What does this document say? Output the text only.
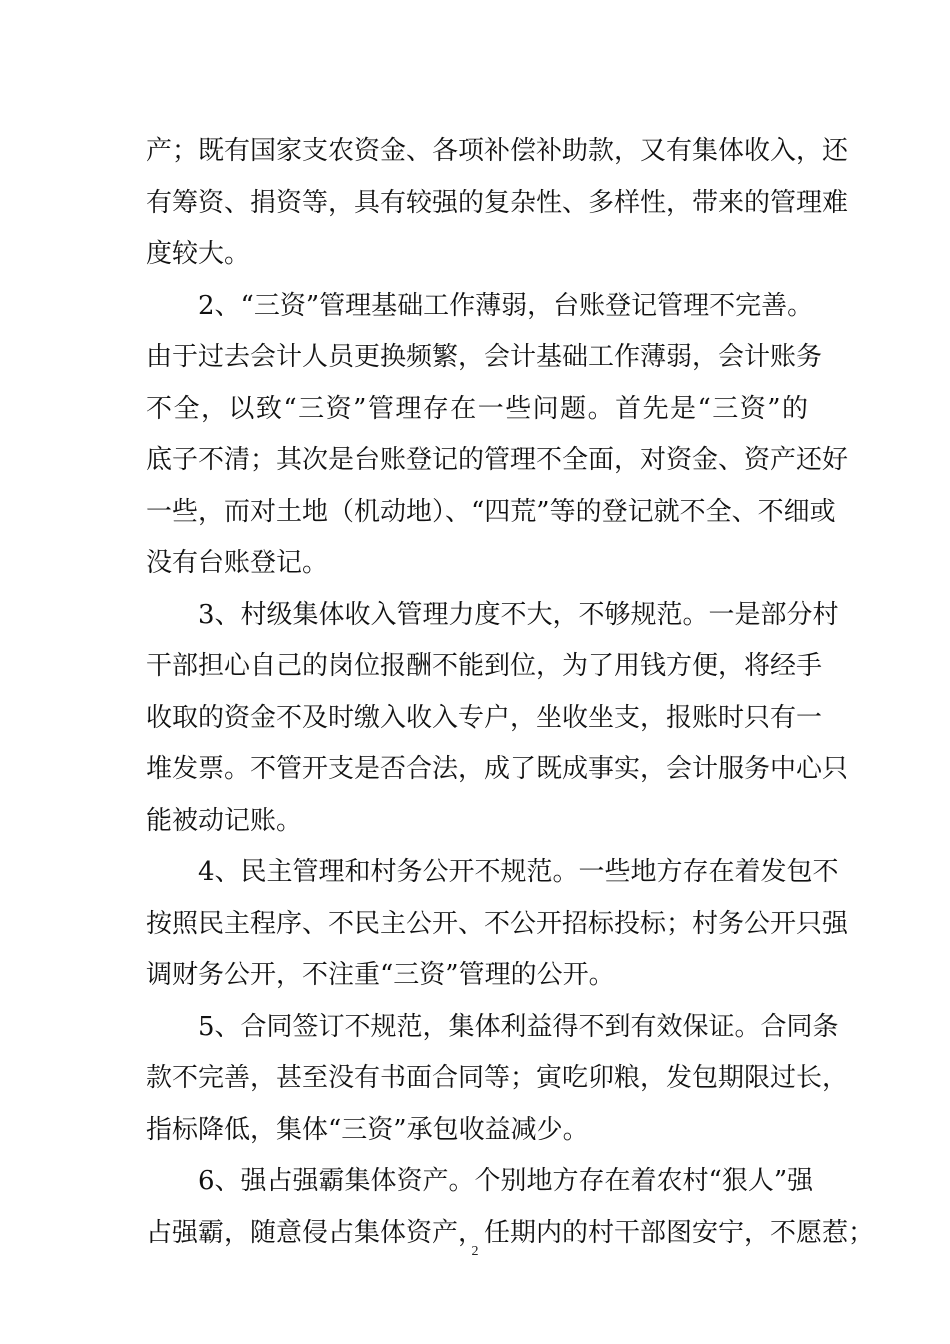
产；既有国家支农资金、各项补偿补助款，又有集体收入，还
有筹资、捐资等，具有较强的复杂性、多样性，带来的管理难
度较大。
2、“三资”管理基础工作薄弱，台账登记管理不完善。
由于过去会计人员更换频繁，会计基础工作薄弱，会计账务
不全，以致“三资”管理存在一些问题。首先是“三资”的
底子不清；其次是台账登记的管理不全面，对资金、资产还好
一些，而对土地（机动地）、“四荒”等的登记就不全、不细或
没有台账登记。
3、村级集体收入管理力度不大，不够规范。一是部分村
干部担心自己的岗位报酬不能到位，为了用钱方便，将经手
收取的资金不及时缴入收入专户，坐收坐支，报账时只有一
堆发票。不管开支是否合法，成了既成事实，会计服务中心只
能被动记账。
4、民主管理和村务公开不规范。一些地方存在着发包不
按照民主程序、不民主公开、不公开招标投标；村务公开只强
调财务公开，不注重“三资”管理的公开。
5、合同签订不规范，集体利益得不到有效保证。合同条
款不完善，甚至没有书面合同等；寅吃卯粮，发包期限过长，
指标降低，集体“三资”承包收益减少。
6、强占强霸集体资产。个别地方存在着农村“狠人”强
占强霸，随意侵占集体资产，任期内的村干部图安宁，不愿惹；
2
